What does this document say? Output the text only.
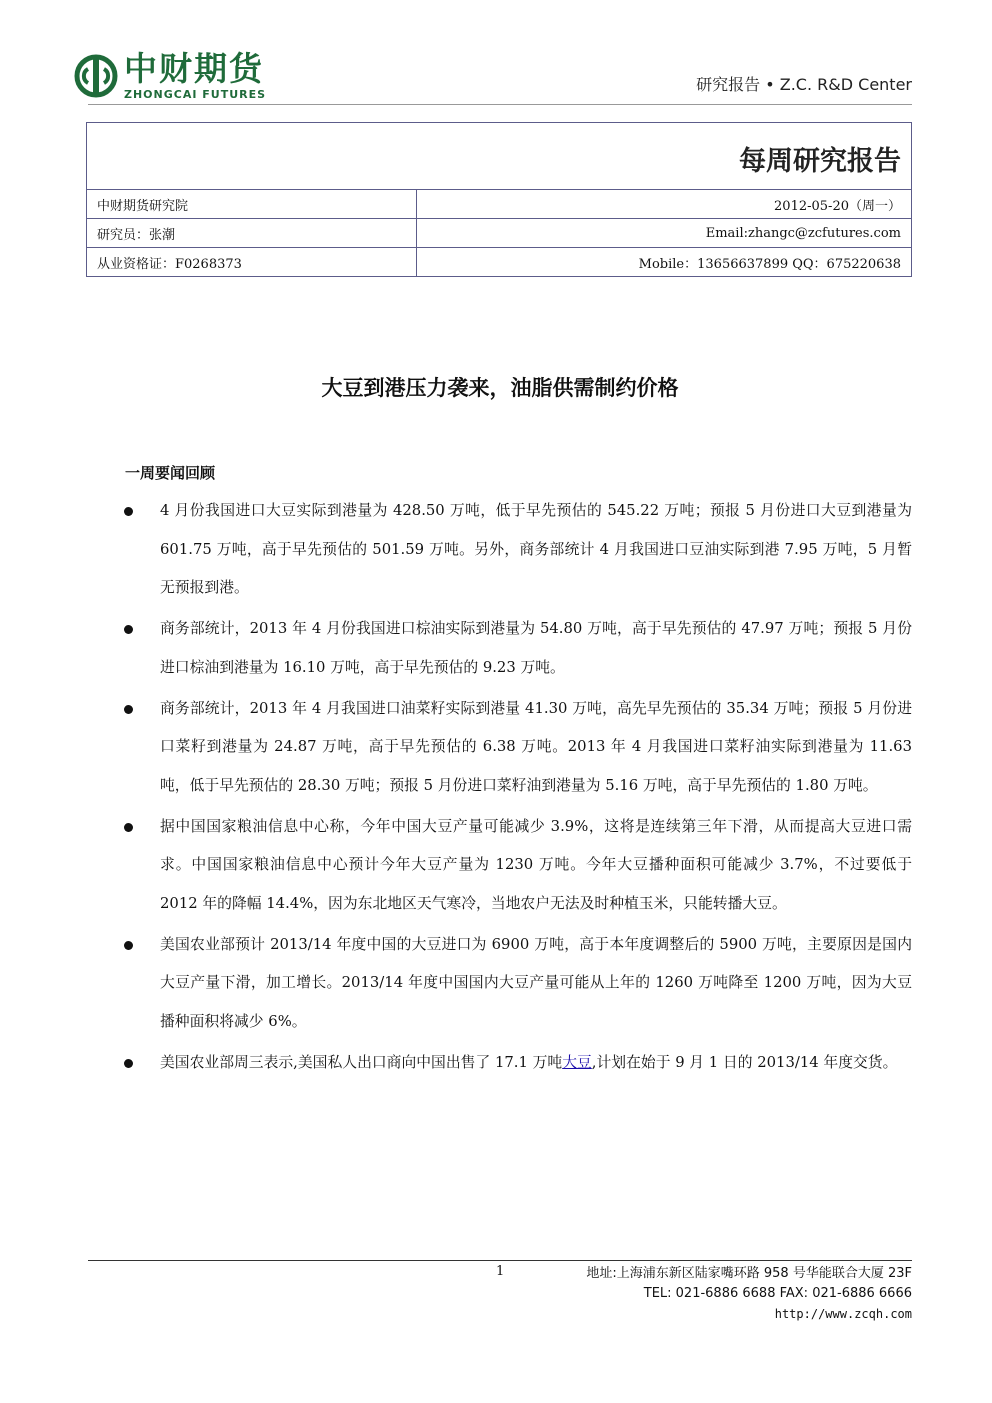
中财期货
ZHONGCAI FUTURES
研究报告 • Z.C. R&D Center
每周研究报告	
中财期货研究院	2012-05-20（周一）
研究员：张潮	Email:zhangc@zcfutures.com
从业资格证：F0268373	Mobile：13656637899 QQ：675220638
大豆到港压力袭来，油脂供需制约价格
一周要闻回顾
4 月份我国进口大豆实际到港量为 428.50 万吨，低于早先预估的 545.22 万吨；预报 5 月份进口大豆到港量为 601.75 万吨，高于早先预估的 501.59 万吨。另外，商务部统计 4 月我国进口豆油实际到港 7.95 万吨，5 月暂无预报到港。
商务部统计，2013 年 4 月份我国进口棕油实际到港量为 54.80 万吨，高于早先预估的 47.97 万吨；预报 5 月份进口棕油到港量为 16.10 万吨，高于早先预估的 9.23 万吨。
商务部统计，2013 年 4 月我国进口油菜籽实际到港量 41.30 万吨，高先早先预估的 35.34 万吨；预报 5 月份进口菜籽到港量为 24.87 万吨，高于早先预估的 6.38 万吨。2013 年 4 月我国进口菜籽油实际到港量为 11.63 吨，低于早先预估的 28.30 万吨；预报 5 月份进口菜籽油到港量为 5.16 万吨，高于早先预估的 1.80 万吨。
据中国国家粮油信息中心称，今年中国大豆产量可能减少 3.9%，这将是连续第三年下滑，从而提高大豆进口需求。中国国家粮油信息中心预计今年大豆产量为 1230 万吨。今年大豆播种面积可能减少 3.7%，不过要低于 2012 年的降幅 14.4%，因为东北地区天气寒冷，当地农户无法及时种植玉米，只能转播大豆。
美国农业部预计 2013/14 年度中国的大豆进口为 6900 万吨，高于本年度调整后的 5900 万吨，主要原因是国内大豆产量下滑，加工增长。2013/14 年度中国国内大豆产量可能从上年的 1260 万吨降至 1200 万吨，因为大豆播种面积将减少 6%。
美国农业部周三表示,美国私人出口商向中国出售了 17.1 万吨大豆,计划在始于 9 月 1 日的 2013/14 年度交货。
1	地址:上海浦东新区陆家嘴环路 958 号华能联合大厦 23F
TEL: 021-6886 6688 FAX: 021-6886 6666
http://www.zcqh.com
